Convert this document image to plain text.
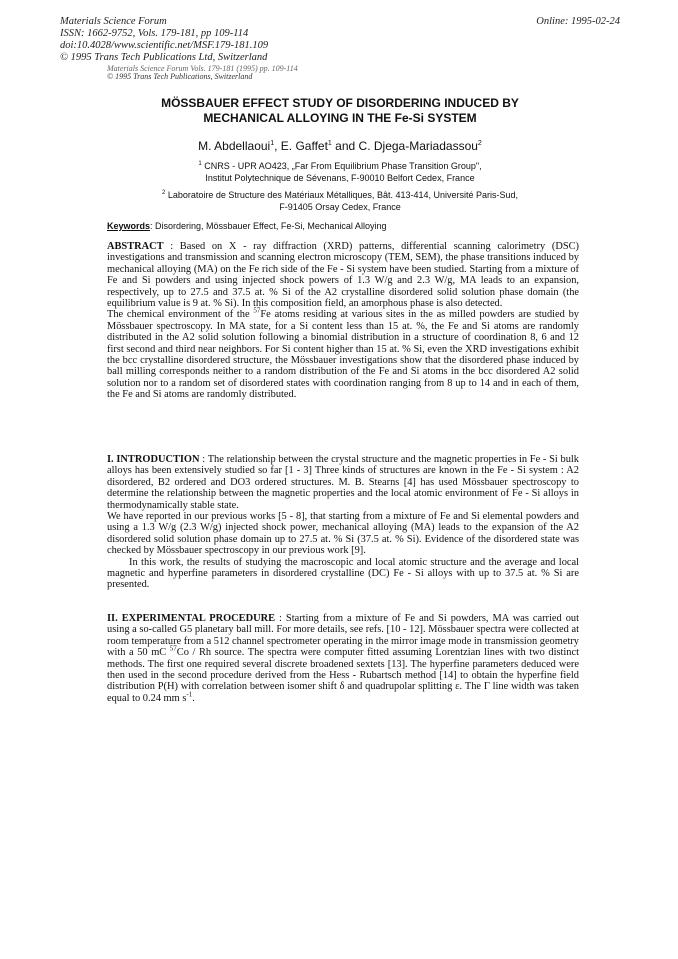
Materials Science Forum
ISSN: 1662-9752, Vols. 179-181, pp 109-114
doi:10.4028/www.scientific.net/MSF.179-181.109
© 1995 Trans Tech Publications Ltd, Switzerland
Online: 1995-02-24
Materials Science Forum Vols. 179-181 (1995) pp. 109-114
© 1995 Trans Tech Publications, Switzerland
MÖSSBAUER EFFECT STUDY OF DISORDERING INDUCED BY
MECHANICAL ALLOYING IN THE Fe-Si SYSTEM
M. Abdellaoui$^1$, E. Gaffet$^1$ and C. Djega-Mariadassou$^2$
$^1$ CNRS - UPR AO423, „Far From Equilibrium Phase Transition Group",
Institut Polytechnique de Sévenans, F-90010 Belfort Cedex, France
$^2$ Laboratoire de Structure des Matériaux Métalliques, Bât. 413-414, Université Paris-Sud,
F-91405 Orsay Cedex, France
Keywords: Disordering, Mössbauer Effect, Fe-Si, Mechanical Alloying

ABSTRACT : Based on X - ray diffraction (XRD) patterns, differential scanning calorimetry (DSC) investigations and transmission and scanning electron microscopy (TEM, SEM), the phase transitions induced by mechanical alloying (MA) on the Fe rich side of the Fe - Si system have been studied. Starting from a mixture of Fe and Si powders and using injected shock powers of 1.3 W/g and 2.3 W/g, MA leads to an expansion, respectively, up to 27.5 and 37.5 at. % Si of the A2 crystalline disordered solid solution phase domain (the equilibrium value is 9 at. % Si). In this composition field, an amorphous phase is also detected.

The chemical environment of the $^{57}$Fe atoms residing at various sites in the as milled powders are studied by Mössbauer spectroscopy. In MA state, for a Si content less than 15 at. %, the Fe and Si atoms are randomly distributed in the A2 solid solution following a binomial distribution in a structure of coordination 8, 6 and 12 first second and third near neighbors. For Si content higher than 15 at. % Si, even the XRD investigations exhibit the bcc crystalline disordered structure, the Mössbauer investigations show that the disordered phase induced by ball milling corresponds neither to a random distribution of the Fe and Si atoms in the bcc disordered A2 solid solution nor to a random set of disordered states with coordination ranging from 8 up to 14 and in each of them, the Fe and Si atoms are randomly distributed.

I. INTRODUCTION : The relationship between the crystal structure and the magnetic properties in Fe - Si bulk alloys has been extensively studied so far [1 - 3] Three kinds of structures are known in the Fe - Si system : A2 disordered, B2 ordered and DO3 ordered structures. M. B. Stearns [4] has used Mössbauer spectroscopy to determine the relationship between the magnetic properties and the local atomic environment of Fe - Si alloys in thermodynamically stable state.

We have reported in our previous works [5 - 8], that starting from a mixture of Fe and Si elemental powders and using a 1.3 W/g (2.3 W/g) injected shock power, mechanical alloying (MA) leads to the expansion of the A2 disordered solid solution phase domain up to 27.5 at. % Si (37.5 at. % Si). Evidence of the disordered state was checked by Mössbauer spectroscopy in our previous work [9].

In this work, the results of studying the macroscopic and local atomic structure and the average and local magnetic and hyperfine parameters in disordered crystalline (DC) Fe - Si alloys with up to 37.5 at. % Si are presented.

II. EXPERIMENTAL PROCEDURE : Starting from a mixture of Fe and Si powders, MA was carried out using a so-called G5 planetary ball mill. For more details, see refs. [10 - 12]. Mössbauer spectra were collected at room temperature from a 512 channel spectrometer operating in the mirror image mode in transmission geometry with a 50 mC $^{57}$Co / Rh source. The spectra were computer fitted assuming Lorentzian lines with two distinct methods. The first one required several discrete broadened sextets [13]. The hyperfine parameters deduced were then used in the second procedure derived from the Hess - Rubartsch method [14] to obtain the hyperfine field distribution P(H) with correlation between isomer shift δ and quadrupolar splitting ε. The Γ line width was taken equal to 0.24 mm $s^{-1}$.
